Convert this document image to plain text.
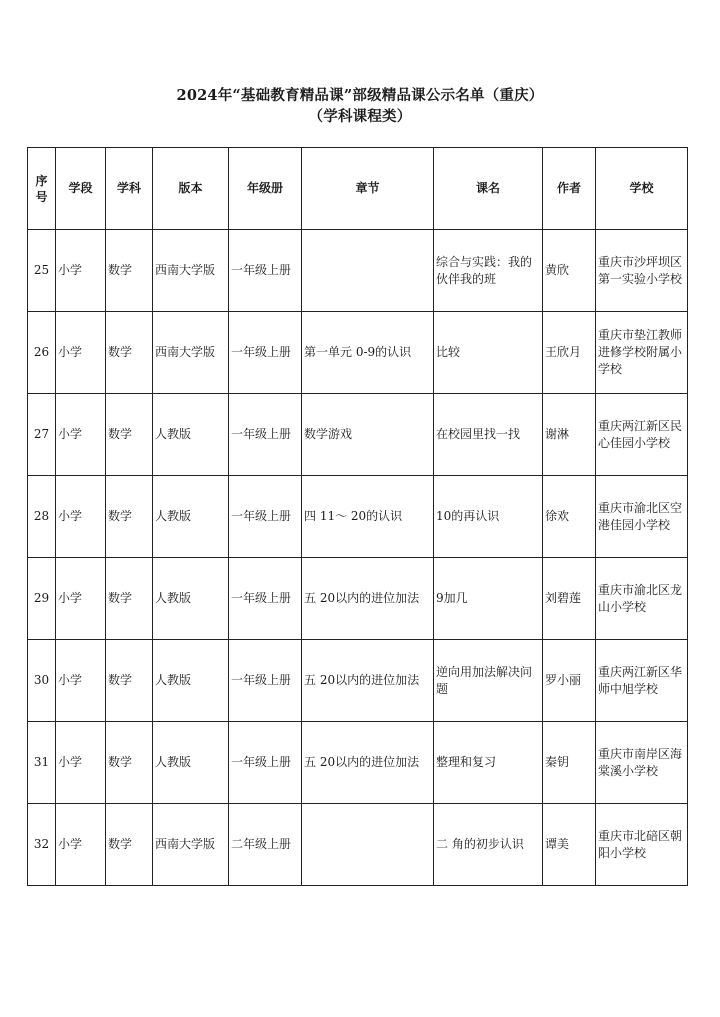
2024年“基础教育精品课”部级精品课公示名单（重庆）
（学科课程类）
序
号	学段	学科	版本	年级册	章节	课名	作者	学校
25	小学	数学	西南大学版	一年级上册		综合与实践：我的伙伴我的班	黄欣	重庆市沙坪坝区第一实验小学校
26	小学	数学	西南大学版	一年级上册	第一单元 0-9的认识	比较	王欣月	重庆市垫江教师进修学校附属小学校
27	小学	数学	人教版	一年级上册	数学游戏	在校园里找一找	谢淋	重庆两江新区民心佳园小学校
28	小学	数学	人教版	一年级上册	四 11～ 20的认识	10的再认识	徐欢	重庆市渝北区空港佳园小学校
29	小学	数学	人教版	一年级上册	五 20以内的进位加法	9加几	刘碧莲	重庆市渝北区龙山小学校
30	小学	数学	人教版	一年级上册	五 20以内的进位加法	逆向用加法解决问题	罗小丽	重庆两江新区华师中旭学校
31	小学	数学	人教版	一年级上册	五 20以内的进位加法	整理和复习	秦钥	重庆市南岸区海棠溪小学校
32	小学	数学	西南大学版	二年级上册		二 角的初步认识	谭美	重庆市北碚区朝阳小学校
